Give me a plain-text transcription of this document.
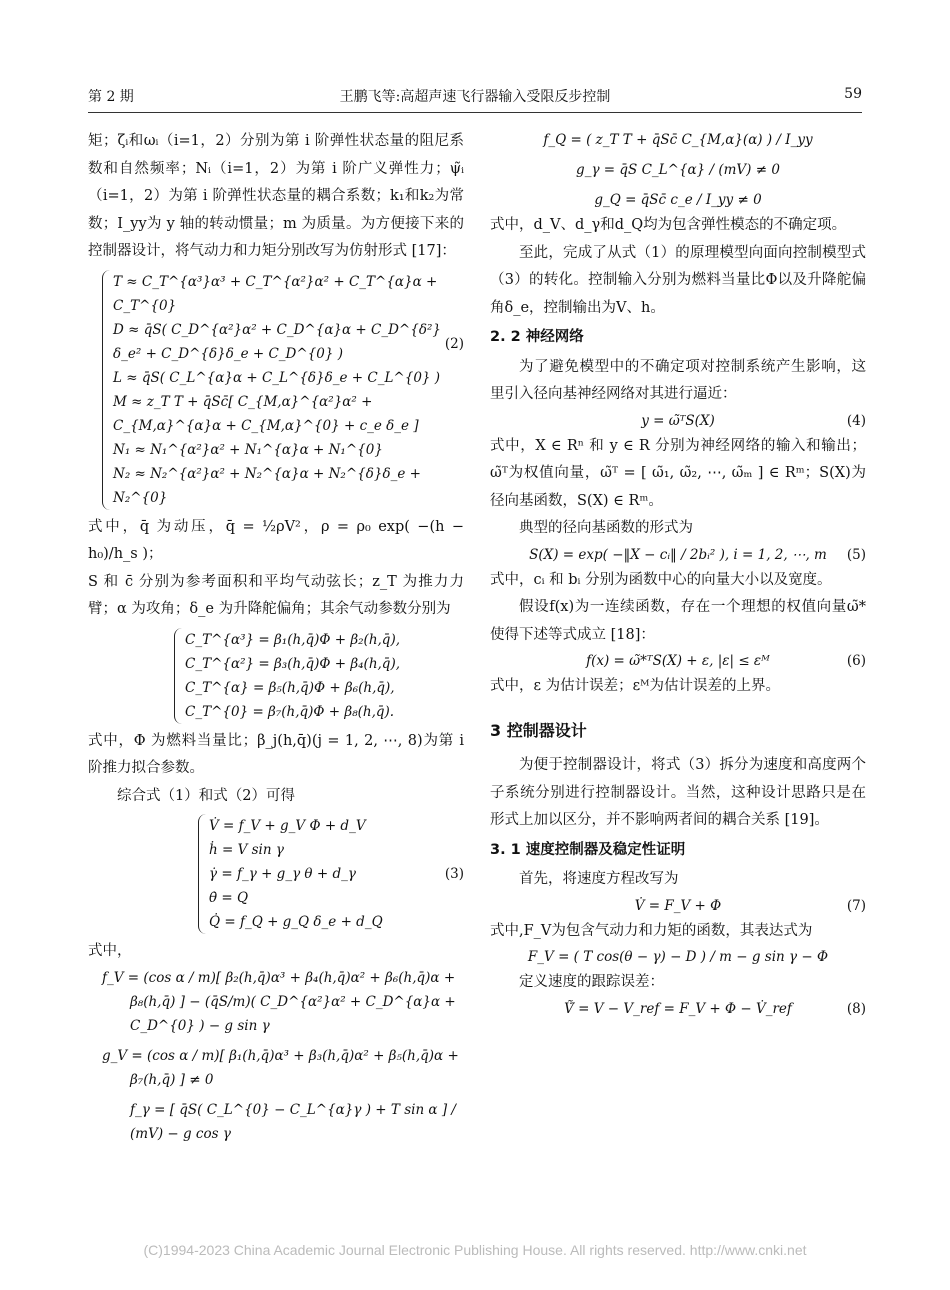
第 2 期	王鹏飞等:高超声速飞行器输入受限反步控制	59

矩；ζᵢ和ωᵢ（i=1，2）分别为第 i 阶弹性状态量的阻尼系数和自然频率；Nᵢ（i=1，2）为第 i 阶广义弹性力；ψ̃ᵢ（i=1，2）为第 i 阶弹性状态量的耦合系数；k₁和k₂为常数；I_yy为 y 轴的转动惯量；m 为质量。为方便接下来的控制器设计，将气动力和力矩分别改写为仿射形式 [17]：

T ≈ C_T^{α³}α³ + C_T^{α²}α² + C_T^{α}α + C_T^{0}
D ≈ q̄S( C_D^{α²}α² + C_D^{α}α + C_D^{δ²}δ_e² + C_D^{δ}δ_e + C_D^{0} )
L ≈ q̄S( C_L^{α}α + C_L^{δ}δ_e + C_L^{0} )
M ≈ z_T T + q̄Sc̄[ C_{M,α}^{α²}α² + C_{M,α}^{α}α + C_{M,α}^{0} + c_e δ_e ]
N₁ ≈ N₁^{α²}α² + N₁^{α}α + N₁^{0}
N₂ ≈ N₂^{α²}α² + N₂^{α}α + N₂^{δ}δ_e + N₂^{0}
(2)

式中，q̄ 为动压，q̄ = ½ρV²，ρ = ρ₀ exp( −(h − h₀)/h_s )；

S 和 c̄ 分别为参考面积和平均气动弦长；z_T 为推力力臂；α 为攻角；δ_e 为升降舵偏角；其余气动参数分别为

C_T^{α³} = β₁(h,q̄)Φ + β₂(h,q̄),
C_T^{α²} = β₃(h,q̄)Φ + β₄(h,q̄),
C_T^{α} = β₅(h,q̄)Φ + β₆(h,q̄),
C_T^{0} = β₇(h,q̄)Φ + β₈(h,q̄).

式中，Φ 为燃料当量比；β_j(h,q̄)(j = 1, 2, ⋯, 8)为第 i 阶推力拟合参数。

综合式（1）和式（2）可得

V̇ = f_V + g_V Φ + d_V
ḣ = V sin γ
γ̇ = f_γ + g_γ θ + d_γ
θ̇ = Q
Q̇ = f_Q + g_Q δ_e + d_Q
(3)

式中，

f_V = (cos α / m)[ β₂(h,q̄)α³ + β₄(h,q̄)α² + β₆(h,q̄)α +
β₈(h,q̄) ] − (q̄S/m)( C_D^{α²}α² + C_D^{α}α + C_D^{0} ) − g sin γ
g_V = (cos α / m)[ β₁(h,q̄)α³ + β₃(h,q̄)α² + β₅(h,q̄)α +
β₇(h,q̄) ] ≠ 0
f_γ = [ q̄S( C_L^{0} − C_L^{α}γ ) + T sin α ] / (mV) − g cos γ
f_Q = ( z_T T + q̄Sc̄ C_{M,α}(α) ) / I_yy
g_γ = q̄S C_L^{α} / (mV) ≠ 0
g_Q = q̄Sc̄ c_e / I_yy ≠ 0

式中，d_V、d_γ和d_Q均为包含弹性模态的不确定项。

至此，完成了从式（1）的原理模型向面向控制模型式（3）的转化。控制输入分别为燃料当量比Φ以及升降舵偏角δ_e，控制输出为V、h。

2. 2 神经网络

为了避免模型中的不确定项对控制系统产生影响，这里引入径向基神经网络对其进行逼近：

y = ω̃ᵀS(X)	(4)

式中，X ∈ Rⁿ 和 y ∈ R 分别为神经网络的输入和输出；ω̃ᵀ为权值向量，ω̃ᵀ = [ ω̃₁, ω̃₂, ⋯, ω̃ₘ ] ∈ Rᵐ；S(X)为径向基函数，S(X) ∈ Rᵐ。

典型的径向基函数的形式为

S(X) = exp( −‖X − cᵢ‖ / 2bᵢ² ), i = 1, 2, ⋯, m (5)

式中，cᵢ 和 bᵢ 分别为函数中心的向量大小以及宽度。

假设f(x)为一连续函数，存在一个理想的权值向量ω̃* 使得下述等式成立 [18]：

f(x) = ω̃*ᵀS(X) + ε, |ε| ≤ εᴹ	(6)

式中，ε 为估计误差；εᴹ为估计误差的上界。

3 控制器设计

为便于控制器设计，将式（3）拆分为速度和高度两个子系统分别进行控制器设计。当然，这种设计思路只是在形式上加以区分，并不影响两者间的耦合关系 [19]。

3. 1 速度控制器及稳定性证明

首先，将速度方程改写为

V̇ = F_V + Φ	(7)

式中,F_V为包含气动力和力矩的函数，其表达式为

F_V = ( T cos(θ − γ) − D ) / m − g sin γ − Φ

定义速度的跟踪误差：

Ṽ̇ = V − V_ref = F_V + Φ − V̇_ref	(8)
(C)1994-2023 China Academic Journal Electronic Publishing House. All rights reserved. http://www.cnki.net
